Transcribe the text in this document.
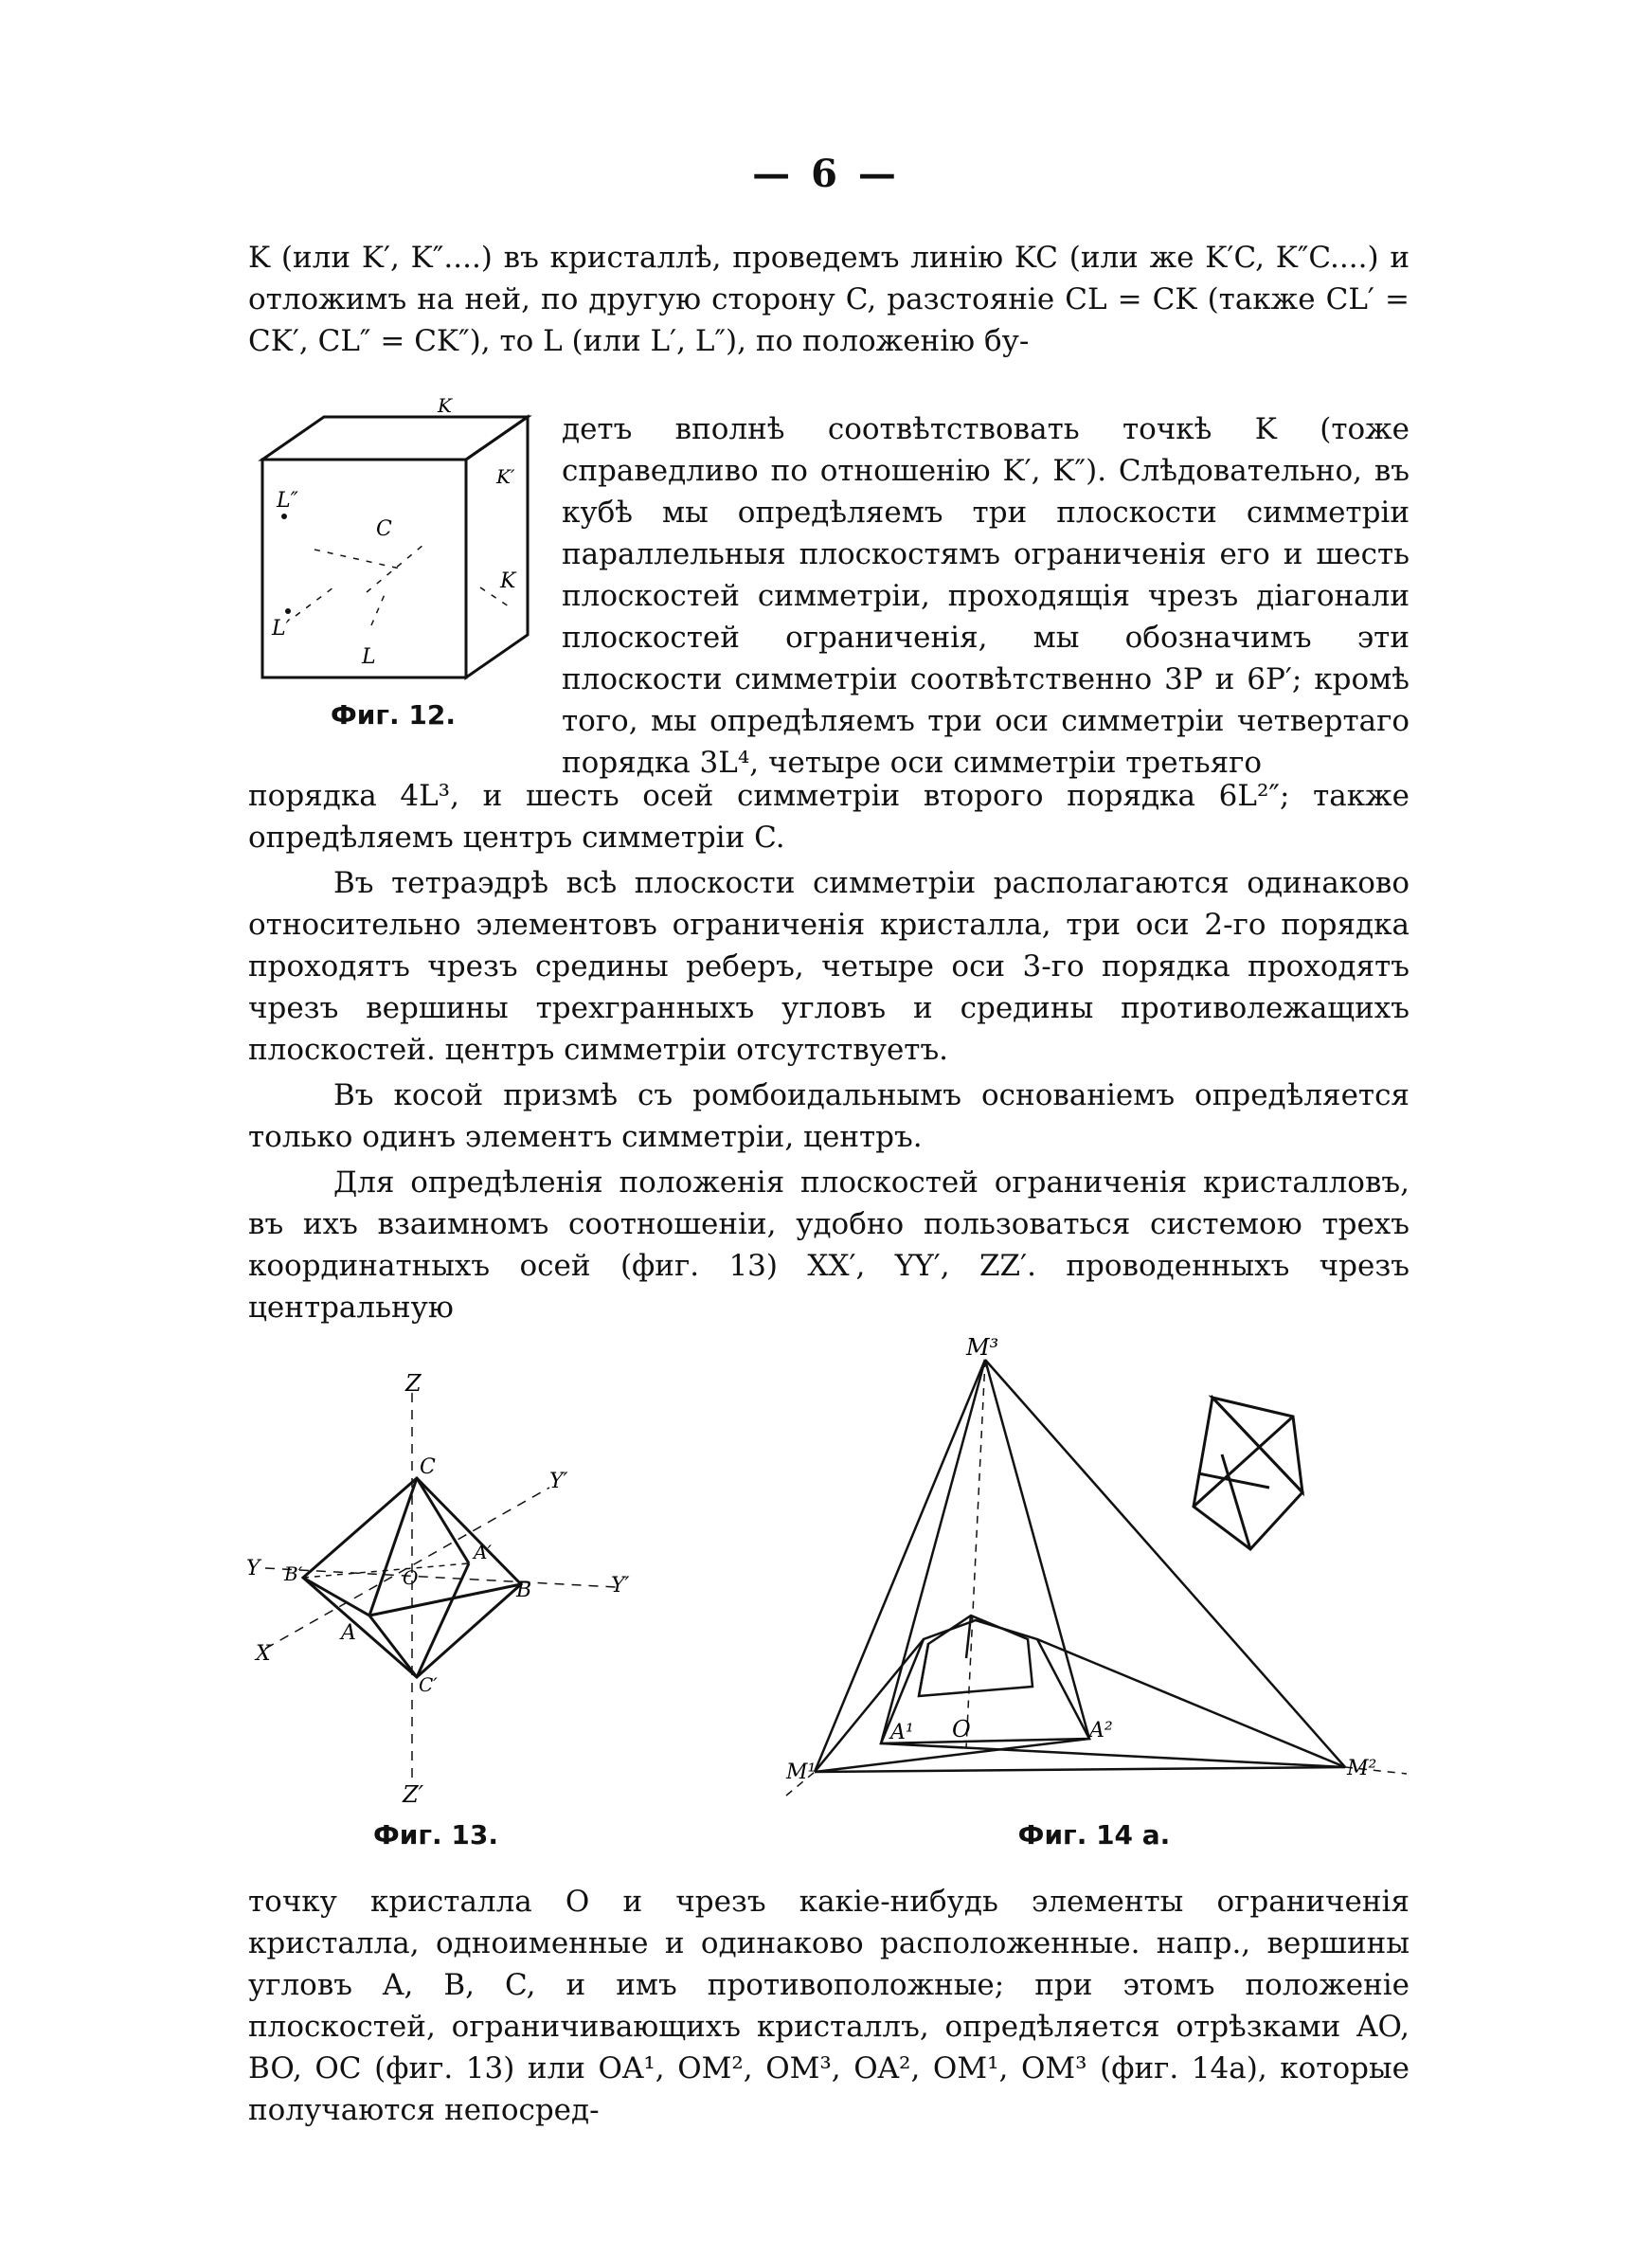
— 6 —

K (или K′, K″....) въ кристаллѣ, проведемъ линію KC (или же K′C, K″C....) и отложимъ на ней, по другую сторону C, разстояніе CL = CK (также CL′ = CK′, CL″ = CK″), то L (или L′, L″), по положенію бу-

K
K′
K
L″
C
L′
L
Фиг. 12.

детъ вполнѣ соотвѣтствовать точкѣ K (тоже справедливо по отношенію K′, K″). Слѣдовательно, въ кубѣ мы опредѣляемъ три плоскости симметріи параллельныя плоскостямъ ограниченія его и шесть плоскостей симметріи, проходящія чрезъ діагонали плоскостей ограниченія, мы обозначимъ эти плоскости симметріи соотвѣтственно 3P и 6P′; кромѣ того, мы опредѣляемъ три оси симметріи четвертаго порядка 3L⁴, четыре оси симметріи третьяго

порядка 4L³, и шесть осей симметріи второго порядка 6L²″; также опредѣляемъ центръ симметріи C.

Въ тетраэдрѣ всѣ плоскости симметріи располагаются одинаково относительно элементовъ ограниченія кристалла, три оси 2-го порядка проходятъ чрезъ средины реберъ, четыре оси 3-го порядка проходятъ чрезъ вершины трехгранныхъ угловъ и средины противолежащихъ плоскостей. центръ симметріи отсутствуетъ.

Въ косой призмѣ съ ромбоидальнымъ основаніемъ опредѣляется только одинъ элементъ симметріи, центръ.

Для опредѣленія положенія плоскостей ограниченія кристалловъ, въ ихъ взаимномъ соотношеніи, удобно пользоваться системою трехъ координатныхъ осей (фиг. 13) XX′, YY′, ZZ′. проводенныхъ чрезъ центральную

Z
Z′
Y
Y′
Y′
X
A
B
B′
C
C′
O
A′
Фиг. 13.
M³
M¹	M²
A¹	A²
O
Фиг. 14 а.

точку кристалла O и чрезъ какіе-нибудь элементы ограниченія кристалла, одноименные и одинаково расположенные. напр., вершины угловъ A, B, C, и имъ противоположные; при этомъ положеніе плоскостей, ограничивающихъ кристаллъ, опредѣляется отрѣзками AO, BO, OC (фиг. 13) или OA¹, OM², OM³, OA², OM¹, OM³ (фиг. 14а), которые получаются непосред-
